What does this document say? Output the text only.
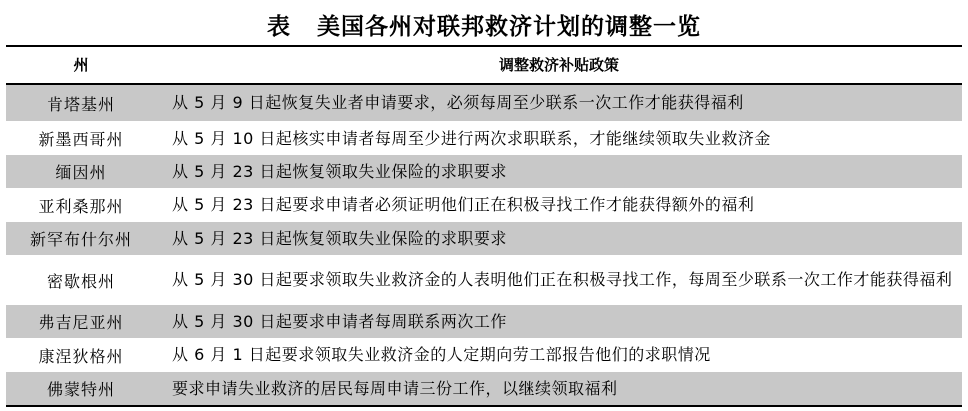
表 美国各州对联邦救济计划的调整一览
州	调整救济补贴政策
肯塔基州	从 5 月 9 日起恢复失业者申请要求，必须每周至少联系一次工作才能获得福利
新墨西哥州	从 5 月 10 日起核实申请者每周至少进行两次求职联系，才能继续领取失业救济金
缅因州	从 5 月 23 日起恢复领取失业保险的求职要求
亚利桑那州	从 5 月 23 日起要求申请者必须证明他们正在积极寻找工作才能获得额外的福利
新罕布什尔州	从 5 月 23 日起恢复领取失业保险的求职要求
密歇根州	从 5 月 30 日起要求领取失业救济金的人表明他们正在积极寻找工作，每周至少联系一次工作才能获得福利
弗吉尼亚州	从 5 月 30 日起要求申请者每周联系两次工作
康涅狄格州	从 6 月 1 日起要求领取失业救济金的人定期向劳工部报告他们的求职情况
佛蒙特州	要求申请失业救济的居民每周申请三份工作，以继续领取福利
